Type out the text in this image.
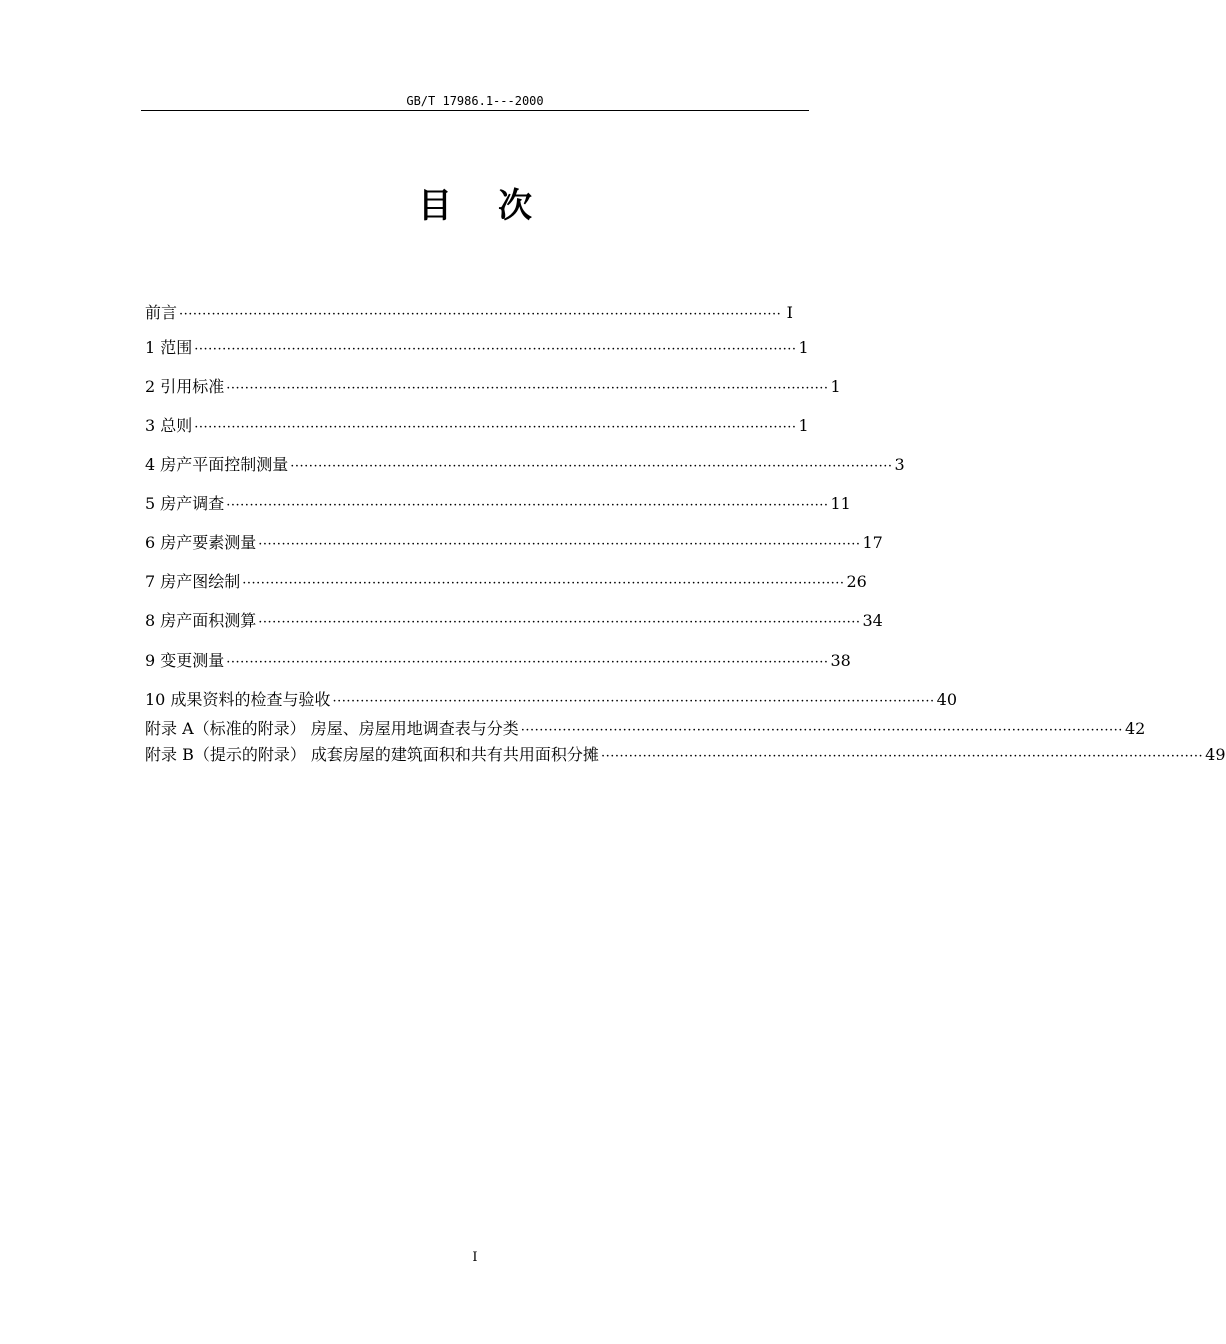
GB/T 17986.1---2000
目次
前言 ·································································································································· I
1 范围 ·································································································································· 1
2 引用标准 ·································································································································· 1
3 总则 ·································································································································· 1
4 房产平面控制测量 ·································································································································· 3
5 房产调查 ·································································································································· 11
6 房产要素测量 ·································································································································· 17
7 房产图绘制 ·································································································································· 26
8 房产面积测算 ·································································································································· 34
9 变更测量 ·································································································································· 38
10 成果资料的检查与验收 ·································································································································· 40
附录 A（标准的附录） 房屋、房屋用地调查表与分类 ·································································································································· 42
附录 B（提示的附录） 成套房屋的建筑面积和共有共用面积分摊 ·································································································································· 49
I
